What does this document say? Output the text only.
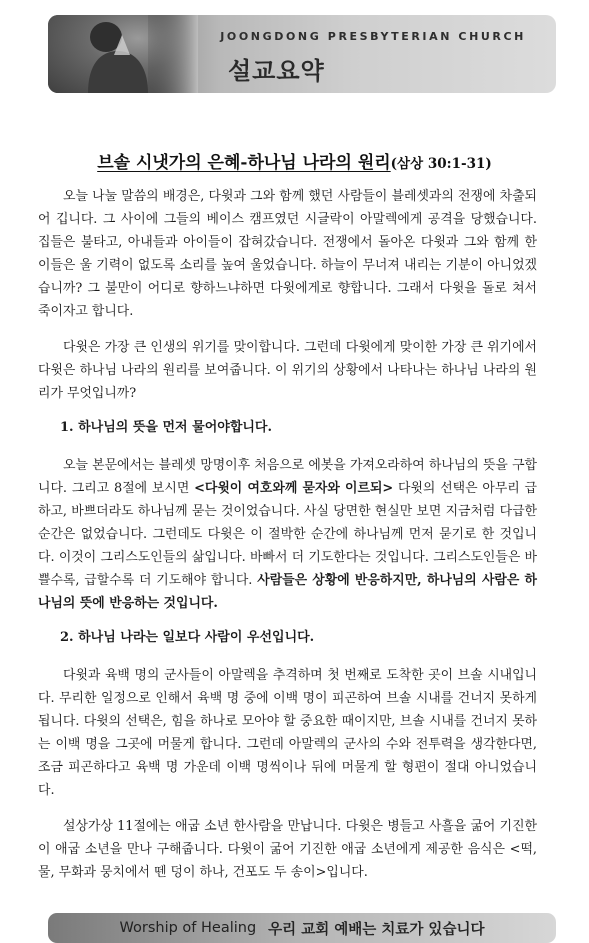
JOONGDONG PRESBYTERIAN CHURCH
설교요약
브솔 시냇가의 은혜-하나님 나라의 원리(삼상 30:1-31)

오늘 나눌 말씀의 배경은, 다윗과 그와 함께 했던 사람들이 블레셋과의 전쟁에 차출되어 깁니다. 그 사이에 그들의 베이스 캠프였던 시글락이 아말렉에게 공격을 당했습니다. 집들은 불타고, 아내들과 아이들이 잡혀갔습니다. 전쟁에서 돌아온 다윗과 그와 함께 한 이들은 울 기력이 없도록 소리를 높여 울었습니다. 하늘이 무너져 내리는 기분이 아니었겠습니까? 그 불만이 어디로 향하느냐하면 다윗에게로 향합니다. 그래서 다윗을 돌로 쳐서 죽이자고 합니다.

다윗은 가장 큰 인생의 위기를 맞이합니다. 그런데 다윗에게 맞이한 가장 큰 위기에서 다윗은 하나님 나라의 원리를 보여줍니다. 이 위기의 상황에서 나타나는 하나님 나라의 원리가 무엇입니까?

1. 하나님의 뜻을 먼저 물어야합니다.

오늘 본문에서는 블레셋 망명이후 처음으로 에봇을 가져오라하여 하나님의 뜻을 구합니다. 그리고 8절에 보시면 <다윗이 여호와께 묻자와 이르되> 다윗의 선택은 아무리 급하고, 바쁘더라도 하나님께 묻는 것이었습니다. 사실 당면한 현실만 보면 지금처럼 다급한 순간은 없었습니다. 그런데도 다윗은 이 절박한 순간에 하나님께 먼저 묻기로 한 것입니다. 이것이 그리스도인들의 삶입니다. 바빠서 더 기도한다는 것입니다. 그리스도인들은 바쁠수록, 급할수록 더 기도해야 합니다. 사람들은 상황에 반응하지만, 하나님의 사람은 하나님의 뜻에 반응하는 것입니다.

2. 하나님 나라는 일보다 사람이 우선입니다.

다윗과 육백 명의 군사들이 아말렉을 추격하며 첫 번째로 도착한 곳이 브솔 시내입니다. 무리한 일정으로 인해서 육백 명 중에 이백 명이 피곤하여 브솔 시내를 건너지 못하게 됩니다. 다윗의 선택은, 힘을 하나로 모아야 할 중요한 때이지만, 브솔 시내를 건너지 못하는 이백 명을 그곳에 머물게 합니다. 그런데 아말렉의 군사의 수와 전투력을 생각한다면, 조금 피곤하다고 육백 명 가운데 이백 명씩이나 뒤에 머물게 할 형편이 절대 아니었습니다.

설상가상 11절에는 애굽 소년 한사람을 만납니다. 다윗은 병들고 사흘을 굶어 기진한 이 애굽 소년을 만나 구해줍니다. 다윗이 굶어 기진한 애굽 소년에게 제공한 음식은 <떡, 물, 무화과 뭉치에서 뗀 덩이 하나, 건포도 두 송이>입니다.

Worship of Healing 우리 교회 예배는 치료가 있습니다
